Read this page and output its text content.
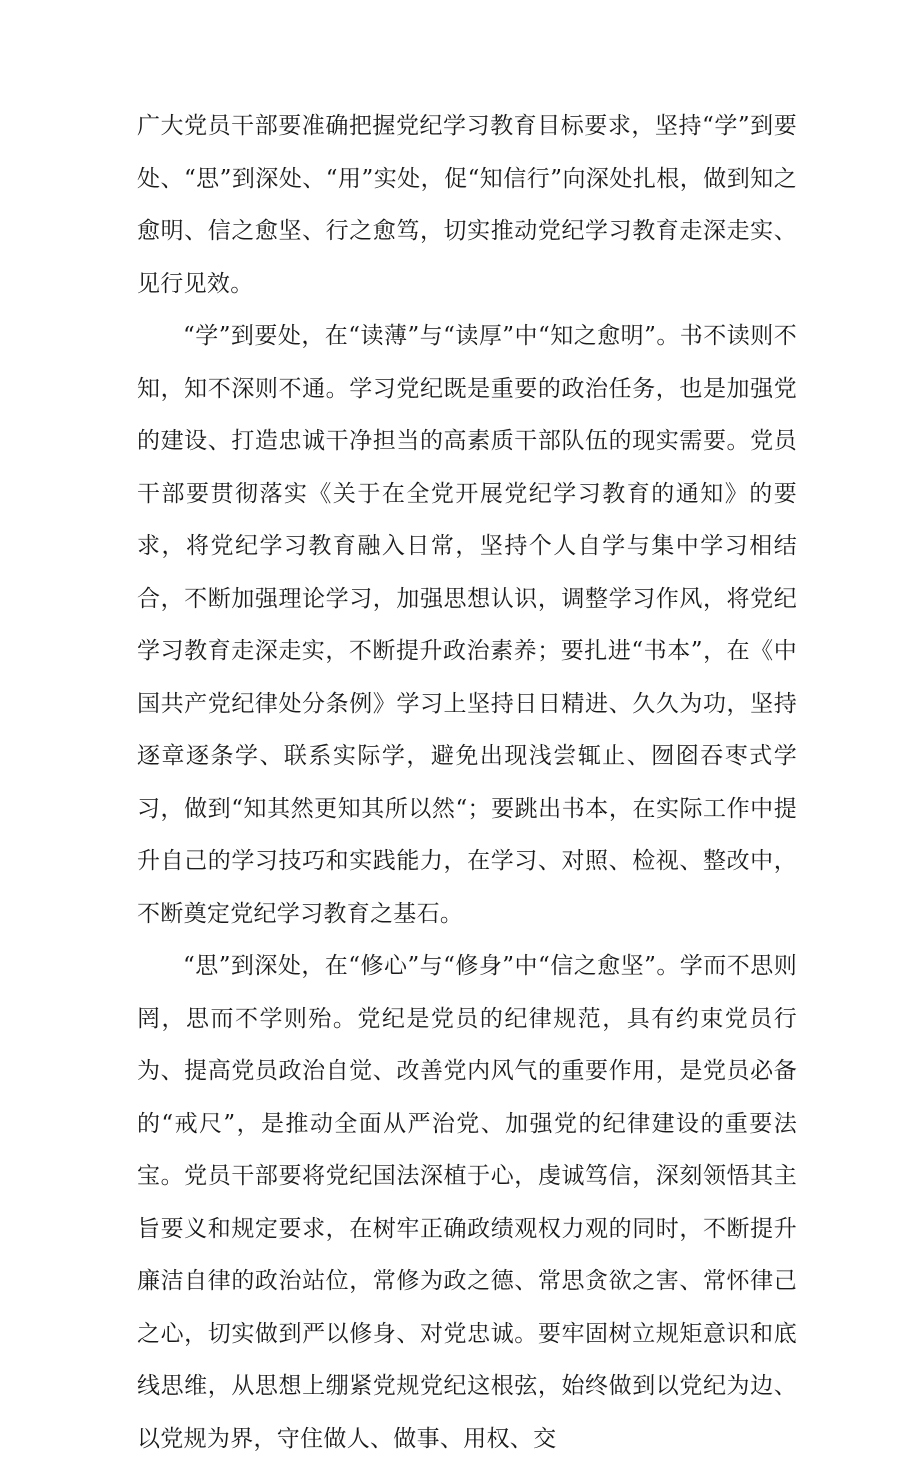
广大党员干部要准确把握党纪学习教育目标要求，坚持“学”到要处、“思”到深处、“用”实处，促“知信行”向深处扎根，做到知之愈明、信之愈坚、行之愈笃，切实推动党纪学习教育走深走实、见行见效。

“学”到要处，在“读薄”与“读厚”中“知之愈明”。书不读则不知，知不深则不通。学习党纪既是重要的政治任务，也是加强党的建设、打造忠诚干净担当的高素质干部队伍的现实需要。党员干部要贯彻落实《关于在全党开展党纪学习教育的通知》的要求，将党纪学习教育融入日常，坚持个人自学与集中学习相结合，不断加强理论学习，加强思想认识，调整学习作风，将党纪学习教育走深走实，不断提升政治素养；要扎进“书本”，在《中国共产党纪律处分条例》学习上坚持日日精进、久久为功，坚持逐章逐条学、联系实际学，避免出现浅尝辄止、囫囵吞枣式学习，做到“知其然更知其所以然“；要跳出书本，在实际工作中提升自己的学习技巧和实践能力，在学习、对照、检视、整改中，不断奠定党纪学习教育之基石。

“思”到深处，在“修心”与“修身”中“信之愈坚”。学而不思则罔，思而不学则殆。党纪是党员的纪律规范，具有约束党员行为、提高党员政治自觉、改善党内风气的重要作用，是党员必备的“戒尺”，是推动全面从严治党、加强党的纪律建设的重要法宝。党员干部要将党纪国法深植于心，虔诚笃信，深刻领悟其主旨要义和规定要求，在树牢正确政绩观权力观的同时，不断提升廉洁自律的政治站位，常修为政之德、常思贪欲之害、常怀律己之心，切实做到严以修身、对党忠诚。要牢固树立规矩意识和底线思维，从思想上绷紧党规党纪这根弦，始终做到以党纪为边、以党规为界，守住做人、做事、用权、交
